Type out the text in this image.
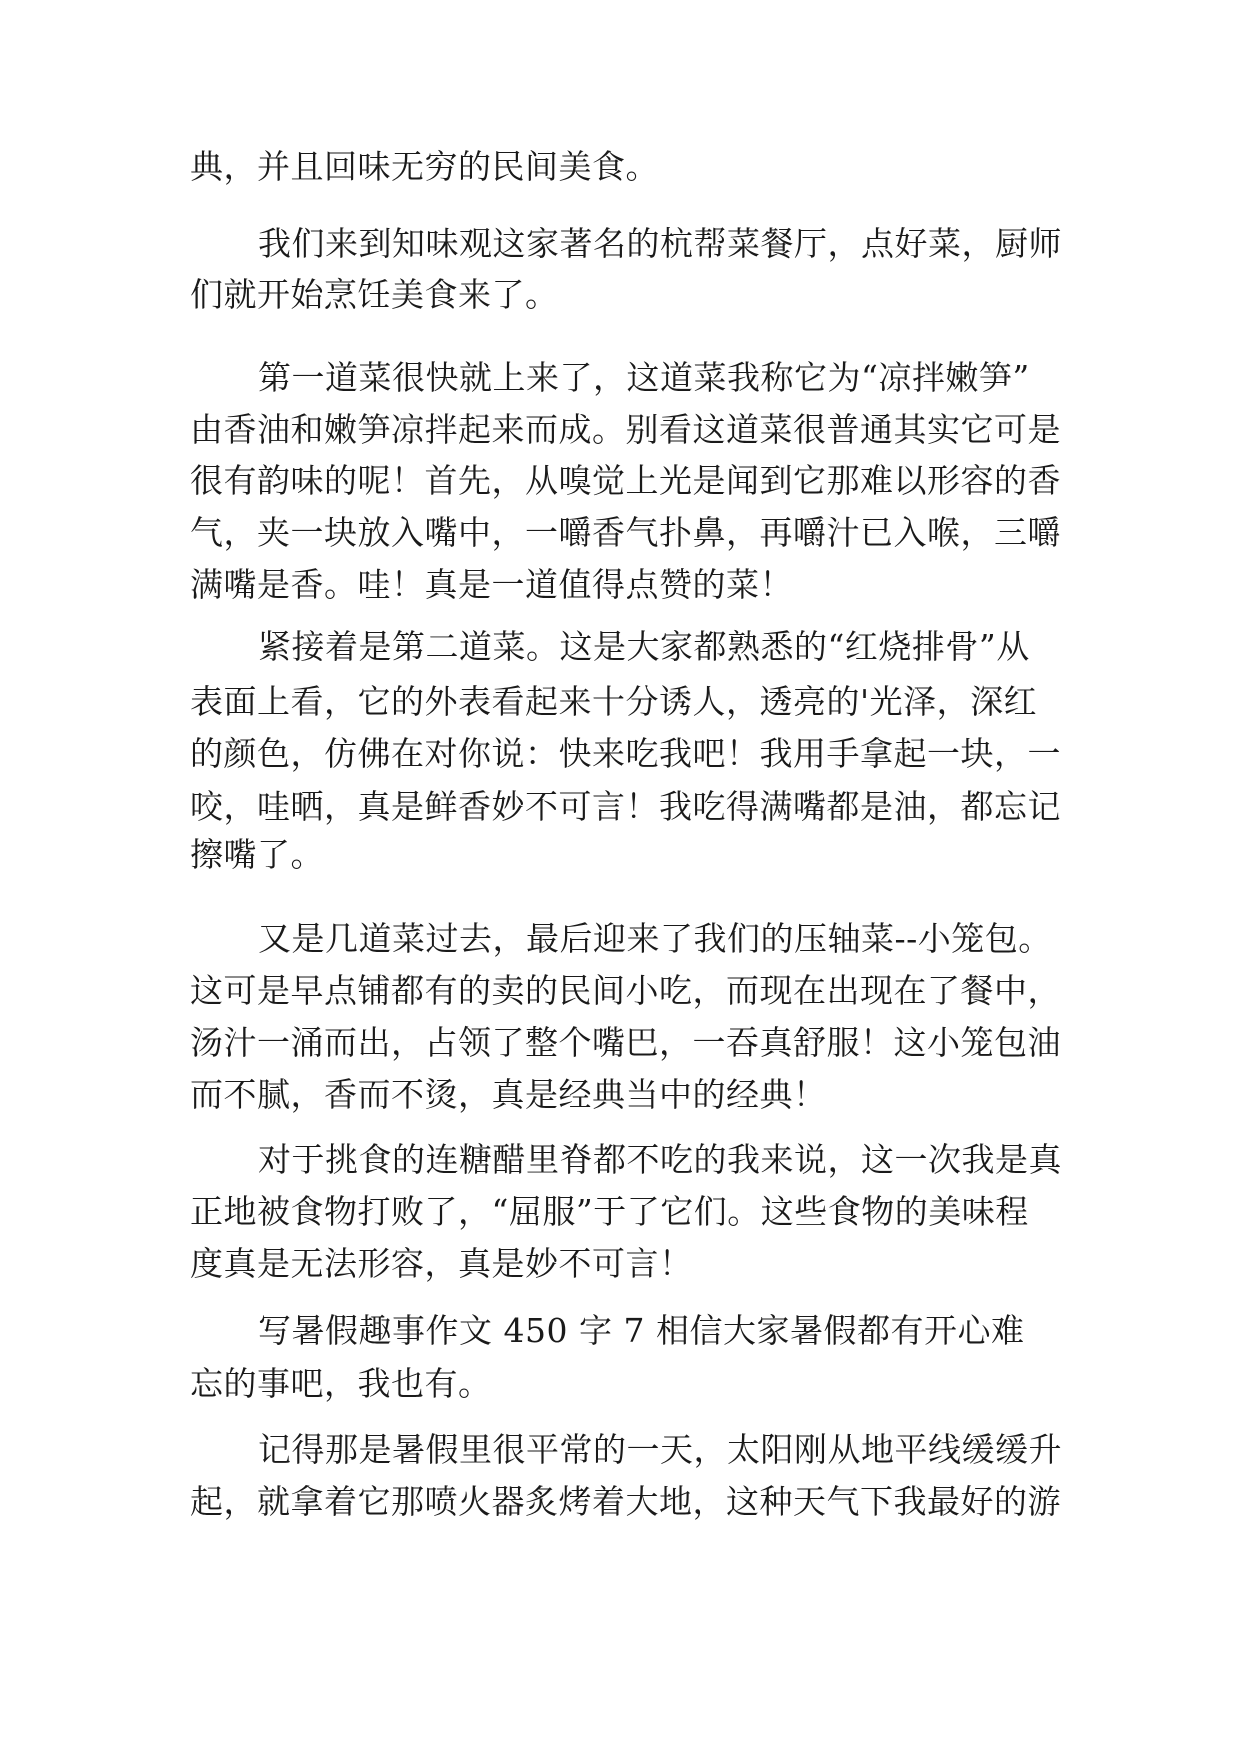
典，并且回味无穷的民间美食。
我们来到知味观这家著名的杭帮菜餐厅，点好菜，厨师
们就开始烹饪美食来了。
第一道菜很快就上来了，这道菜我称它为“凉拌嫩笋”
由香油和嫩笋凉拌起来而成。别看这道菜很普通其实它可是
很有韵味的呢！首先，从嗅觉上光是闻到它那难以形容的香
气，夹一块放入嘴中，一嚼香气扑鼻，再嚼汁已入喉，三嚼
满嘴是香。哇！真是一道值得点赞的菜！
紧接着是第二道菜。这是大家都熟悉的“红烧排骨”从
表面上看，它的外表看起来十分诱人，透亮的'光泽，深红
的颜色，仿佛在对你说：快来吃我吧！我用手拿起一块，一
咬，哇晒，真是鲜香妙不可言！我吃得满嘴都是油，都忘记
擦嘴了。
又是几道菜过去，最后迎来了我们的压轴菜--小笼包。
这可是早点铺都有的卖的民间小吃，而现在出现在了餐中，
汤汁一涌而出，占领了整个嘴巴，一吞真舒服！这小笼包油
而不腻，香而不烫，真是经典当中的经典！
对于挑食的连糖醋里脊都不吃的我来说，这一次我是真
正地被食物打败了，“屈服”于了它们。这些食物的美味程
度真是无法形容，真是妙不可言！
写暑假趣事作文 450 字 7 相信大家暑假都有开心难
忘的事吧，我也有。
记得那是暑假里很平常的一天，太阳刚从地平线缓缓升
起，就拿着它那喷火器炙烤着大地，这种天气下我最好的游
